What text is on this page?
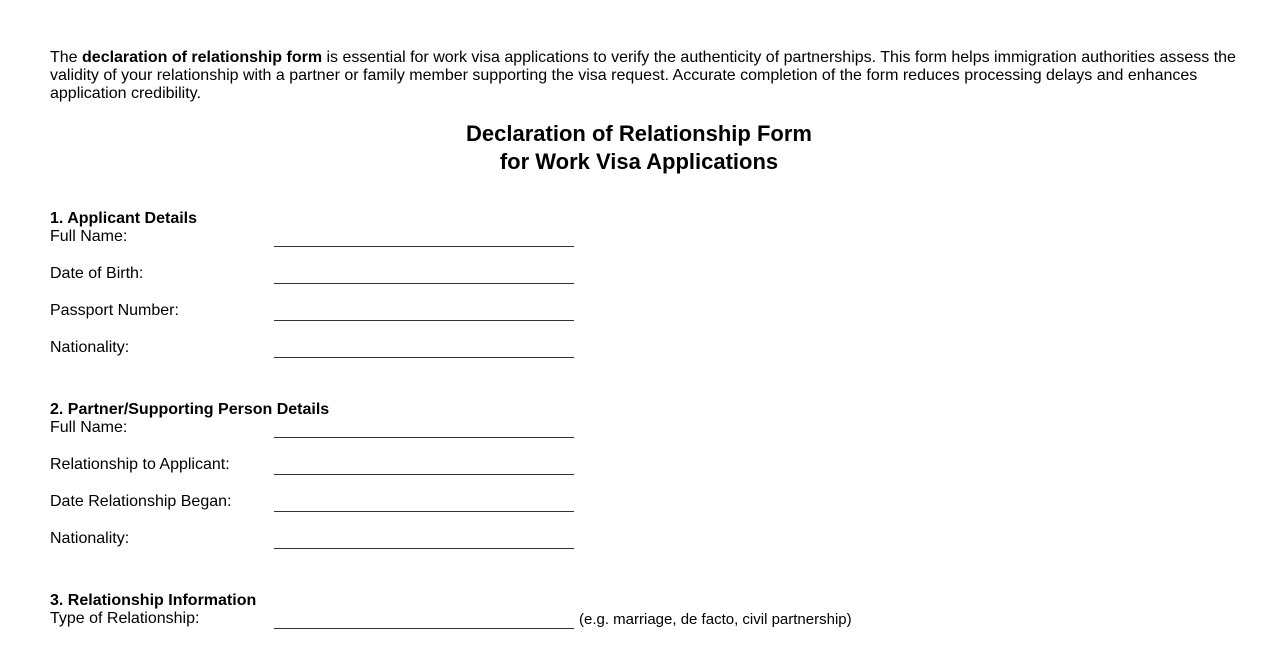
The declaration of relationship form is essential for work visa applications to verify the authenticity of partnerships. This form helps immigration authorities assess the validity of your relationship with a partner or family member supporting the visa request. Accurate completion of the form reduces processing delays and enhances application credibility.

Declaration of Relationship Form
for Work Visa Applications
1. Applicant Details
Full Name:
Date of Birth:
Passport Number:
Nationality:
2. Partner/Supporting Person Details
Full Name:
Relationship to Applicant:
Date Relationship Began:
Nationality:
3. Relationship Information
Type of Relationship:	(e.g. marriage, de facto, civil partnership)
